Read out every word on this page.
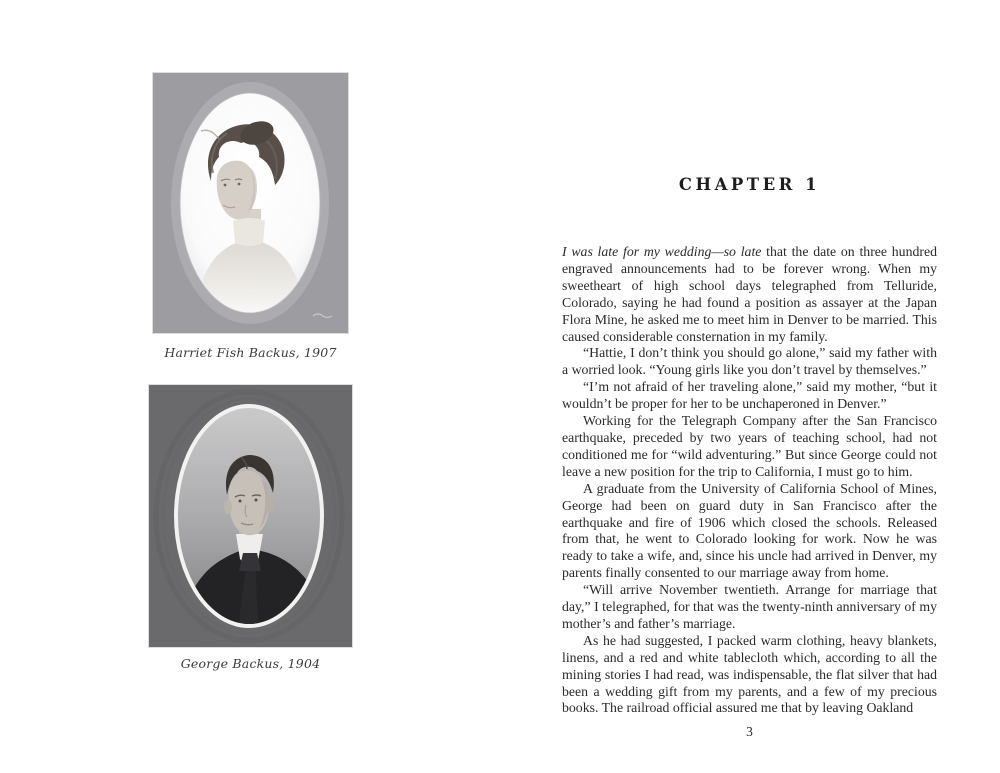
Harriet Fish Backus, 1907
George Backus, 1904
CHAPTER 1

I was late for my wedding—so late that the date on three hundred engraved announcements had to be forever wrong. When my sweetheart of high school days telegraphed from Telluride, Colorado, saying he had found a position as assayer at the Japan Flora Mine, he asked me to meet him in Denver to be married. This caused considerable consternation in my family.

“Hattie, I don’t think you should go alone,” said my father with a worried look. “Young girls like you don’t travel by themselves.”

“I’m not afraid of her traveling alone,” said my mother, “but it wouldn’t be proper for her to be unchaperoned in Denver.”

Working for the Telegraph Company after the San Francisco earthquake, preceded by two years of teaching school, had not conditioned me for “wild adventuring.” But since George could not leave a new position for the trip to California, I must go to him.

A graduate from the University of California School of Mines, George had been on guard duty in San Francisco after the earthquake and fire of 1906 which closed the schools. Released from that, he went to Colorado looking for work. Now he was ready to take a wife, and, since his uncle had arrived in Denver, my parents finally consented to our marriage away from home.

“Will arrive November twentieth. Arrange for marriage that day,” I telegraphed, for that was the twenty-ninth anniversary of my mother’s and father’s marriage.

As he had suggested, I packed warm clothing, heavy blankets, linens, and a red and white tablecloth which, according to all the mining stories I had read, was indispensable, the flat silver that had been a wedding gift from my parents, and a few of my precious books. The railroad official assured me that by leaving Oakland

3
